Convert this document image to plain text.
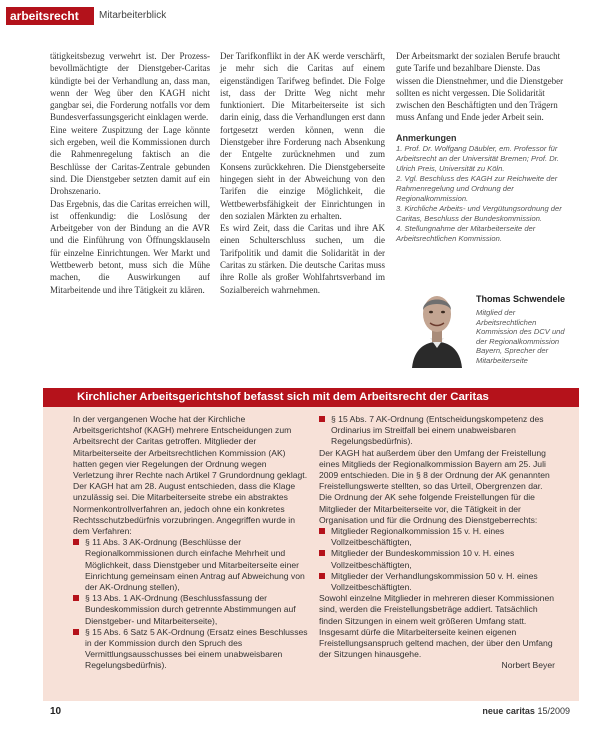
arbeitsrecht	Mitarbeiterblick

tätigkeitsbezug verwehrt ist. Der Prozess-bevollmächtigte der Dienstgeber-Caritas kündigte bei der Verhandlung an, dass man, wenn der Weg über den KAGH nicht gangbar sei, die Forderung notfalls vor dem Bundesverfassungsgericht einklagen werde.

Eine weitere Zuspitzung der Lage könnte sich ergeben, weil die Kommissionen durch die Rahmenregelung faktisch an die Beschlüsse der Caritas-Zentrale gebunden sind. Die Dienstgeber setzten damit auf ein Drohszenario.

Das Ergebnis, das die Caritas erreichen will, ist offenkundig: die Loslösung der Arbeitgeber von der Bindung an die AVR und die Einführung von Öffnungsklauseln für einzelne Einrichtungen. Wer Markt und Wettbewerb betont, muss sich die Mühe machen, die Auswirkungen auf Mitarbeitende und ihre Tätigkeit zu klären.

Der Tarifkonflikt in der AK werde verschärft, je mehr sich die Caritas auf einem eigenständigen Tarifweg befindet. Die Folge ist, dass der Dritte Weg nicht mehr funktioniert. Die Mitarbeiterseite ist sich darin einig, dass die Verhandlungen erst dann fortgesetzt werden können, wenn die Dienstgeber ihre Forderung nach Absenkung der Entgelte zurücknehmen und zum Konsens zurückkehren. Die Dienstgeberseite hingegen sieht in der Abweichung von den Tarifen die einzige Möglichkeit, die Wettbewerbsfähigkeit der Einrichtungen in den sozialen Märkten zu erhalten.

Es wird Zeit, dass die Caritas und ihre AK einen Schulterschluss suchen, um die Tarifpolitik und damit die Solidarität in der Caritas zu stärken. Die deutsche Caritas muss ihre Rolle als großer Wohlfahrtsverband im Sozialbereich wahrnehmen.

Der Arbeitsmarkt der sozialen Berufe braucht gute Tarife und bezahlbare Dienste. Das wissen die Dienstnehmer, und die Dienstgeber sollten es nicht vergessen. Die Solidarität zwischen den Beschäftigten und den Trägern muss Anfang und Ende jeder Arbeit sein.

Anmerkungen

1. Prof. Dr. Wolfgang Däubler, em. Professor für Arbeitsrecht an der Universität Bremen; Prof. Dr. Ulrich Preis, Universität zu Köln.

2. Vgl. Beschluss des KAGH zur Reichweite der Rahmenregelung und Ordnung der Regionalkommission.

3. Kirchliche Arbeits- und Vergütungsordnung der Caritas, Beschluss der Bundeskommission.

4. Stellungnahme der Mitarbeiterseite der Arbeitsrechtlichen Kommission.

Thomas Schwendele
Mitglied der Arbeitsrechtlichen Kommission des DCV und der Regionalkommission Bayern, Sprecher der Mitarbeiterseite
Kirchlicher Arbeitsgerichtshof befasst sich mit dem Arbeitsrecht der Caritas

In der vergangenen Woche hat der Kirchliche Arbeitsgerichtshof (KAGH) mehrere Entscheidungen zum Arbeitsrecht der Caritas getroffen. Mitglieder der Mitarbeiterseite der Arbeitsrechtlichen Kommission (AK) hatten gegen vier Regelungen der Ordnung wegen Verletzung ihrer Rechte nach Artikel 7 Grundordnung geklagt. Der KAGH hat am 28. August entschieden, dass die Klage unzulässig sei. Die Mitarbeiterseite strebe ein abstraktes Normenkontrollverfahren an, jedoch ohne ein konkretes Rechtsschutzbedürfnis vorzubringen. Angegriffen wurde in dem Verfahren:

§ 11 Abs. 3 AK-Ordnung (Beschlüsse der Regionalkommissionen durch einfache Mehrheit und Möglichkeit, dass Dienstgeber und Mitarbeiterseite einer Einrichtung gemeinsam einen Antrag auf Abweichung von der AK-Ordnung stellen),

§ 13 Abs. 1 AK-Ordnung (Beschlussfassung der Bundeskommission durch getrennte Abstimmungen auf Dienstgeber- und Mitarbeiterseite),

§ 15 Abs. 6 Satz 5 AK-Ordnung (Ersatz eines Beschlusses in der Kommission durch den Spruch des Vermittlungsausschusses bei einem unabweisbaren Regelungsbedürfnis).

§ 15 Abs. 7 AK-Ordnung (Entscheidungskompetenz des Ordinarius im Streitfall bei einem unabweisbaren Regelungsbedürfnis).

Der KAGH hat außerdem über den Umfang der Freistellung eines Mitglieds der Regionalkommission Bayern am 25. Juli 2009 entschieden. Die in § 8 der Ordnung der AK genannten Freistellungswerte stellten, so das Urteil, Obergrenzen dar. Die Ordnung der AK sehe folgende Freistellungen für die Mitglieder der Mitarbeiterseite vor, die Tätigkeit in der Organisation und für die Ordnung des Dienstgeberrechts:

Mitglieder Regionalkommission 15 v. H. eines Vollzeitbeschäftigten,

Mitglieder der Bundeskommission 10 v. H. eines Vollzeitbeschäftigten,

Mitglieder der Verhandlungskommission 50 v. H. eines Vollzeitbeschäftigten.

Sowohl einzelne Mitglieder in mehreren dieser Kommissionen sind, werden die Freistellungsbeträge addiert. Tatsächlich finden Sitzungen in einem weit größeren Umfang statt. Insgesamt dürfe die Mitarbeiterseite keinen eigenen Freistellungsanspruch geltend machen, der über den Umfang der Sitzungen hinausgehe.

Norbert Beyer

10	neue caritas 15/2009
